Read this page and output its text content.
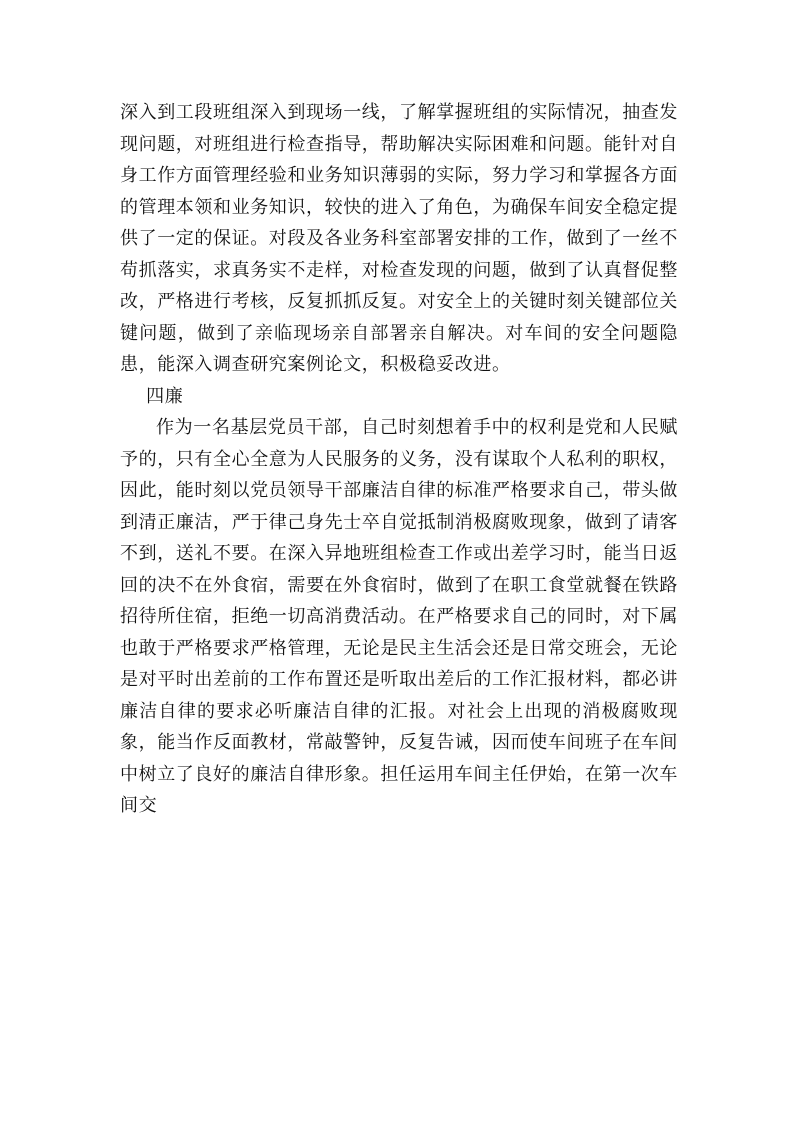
深入到工段班组深入到现场一线，了解掌握班组的实际情况，抽查发现问题，对班组进行检查指导，帮助解决实际困难和问题。能针对自身工作方面管理经验和业务知识薄弱的实际，努力学习和掌握各方面的管理本领和业务知识，较快的进入了角色，为确保车间安全稳定提供了一定的保证。对段及各业务科室部署安排的工作，做到了一丝不苟抓落实，求真务实不走样，对检查发现的问题，做到了认真督促整改，严格进行考核，反复抓抓反复。对安全上的关键时刻关键部位关键问题，做到了亲临现场亲自部署亲自解决。对车间的安全问题隐患，能深入调查研究案例论文，积极稳妥改进。

四廉

作为一名基层党员干部，自己时刻想着手中的权利是党和人民赋予的，只有全心全意为人民服务的义务，没有谋取个人私利的职权，因此，能时刻以党员领导干部廉洁自律的标准严格要求自己，带头做到清正廉洁，严于律己身先士卒自觉抵制消极腐败现象，做到了请客不到，送礼不要。在深入异地班组检查工作或出差学习时，能当日返回的决不在外食宿，需要在外食宿时，做到了在职工食堂就餐在铁路招待所住宿，拒绝一切高消费活动。在严格要求自己的同时，对下属也敢于严格要求严格管理，无论是民主生活会还是日常交班会，无论是对平时出差前的工作布置还是听取出差后的工作汇报材料，都必讲廉洁自律的要求必听廉洁自律的汇报。对社会上出现的消极腐败现象，能当作反面教材，常敲警钟，反复告诫，因而使车间班子在车间中树立了良好的廉洁自律形象。担任运用车间主任伊始，在第一次车间交
